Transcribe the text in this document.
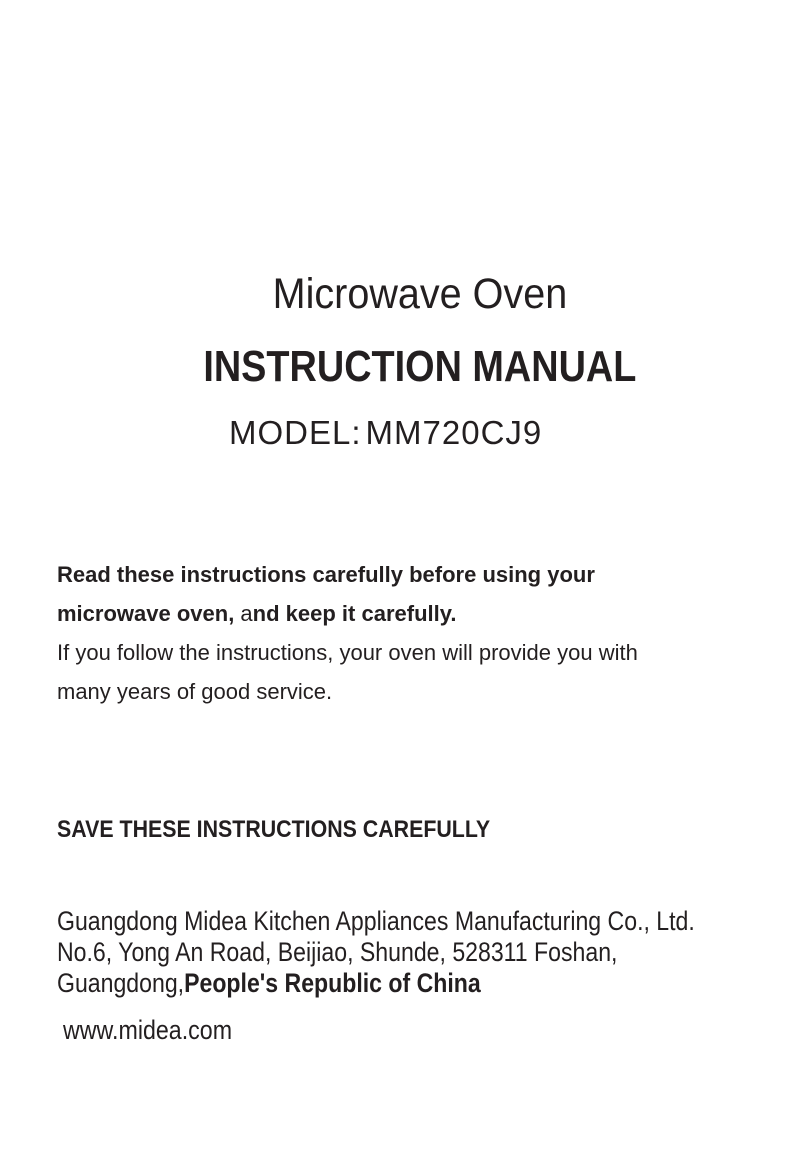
Microwave Oven
INSTRUCTION MANUAL

MODEL: MM720CJ9

Read these instructions carefully before using your
microwave oven, and keep it carefully.
If you follow the instructions, your oven will provide you with
many years of good service.
SAVE THESE INSTRUCTIONS CAREFULLY
Guangdong Midea Kitchen Appliances Manufacturing Co., Ltd.
No.6, Yong An Road, Beijiao, Shunde, 528311 Foshan,
Guangdong,People's Republic of China

www.midea.com
